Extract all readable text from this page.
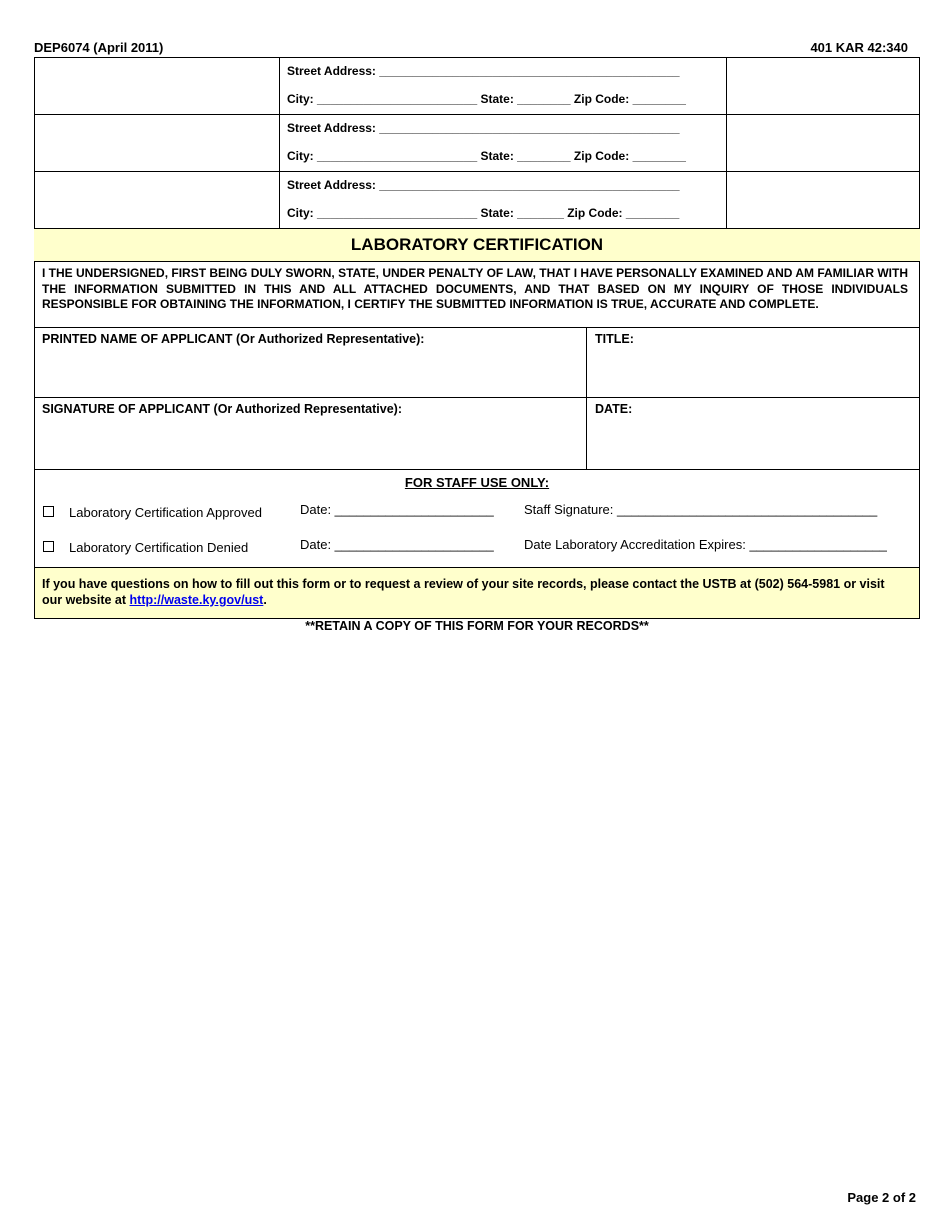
DEP6074 (April 2011)	401 KAR 42:340
Street Address: _____________________________________________
City: ________________________ State: ________ Zip Code: ________
Street Address: _____________________________________________
City: ________________________ State: ________ Zip Code: ________
Street Address: _____________________________________________
City: ________________________ State: _______ Zip Code: ________
LABORATORY CERTIFICATION
I THE UNDERSIGNED, FIRST BEING DULY SWORN, STATE, UNDER PENALTY OF LAW, THAT I HAVE PERSONALLY EXAMINED AND AM FAMILIAR WITH THE INFORMATION SUBMITTED IN THIS AND ALL ATTACHED DOCUMENTS, AND THAT BASED ON MY INQUIRY OF THOSE INDIVIDUALS RESPONSIBLE FOR OBTAINING THE INFORMATION, I CERTIFY THE SUBMITTED INFORMATION IS TRUE, ACCURATE AND COMPLETE.
PRINTED NAME OF APPLICANT (Or Authorized Representative):	TITLE:
SIGNATURE OF APPLICANT (Or Authorized Representative):	DATE:
FOR STAFF USE ONLY:
Laboratory Certification Approved	Date: ______________________ Staff Signature: ____________________________________
Laboratory Certification Denied	Date: ______________________ Date Laboratory Accreditation Expires: ___________________
If you have questions on how to fill out this form or to request a review of your site records, please contact the USTB at (502) 564-5981 or visit our website at http://waste.ky.gov/ust.
**RETAIN A COPY OF THIS FORM FOR YOUR RECORDS**
Page 2 of 2
